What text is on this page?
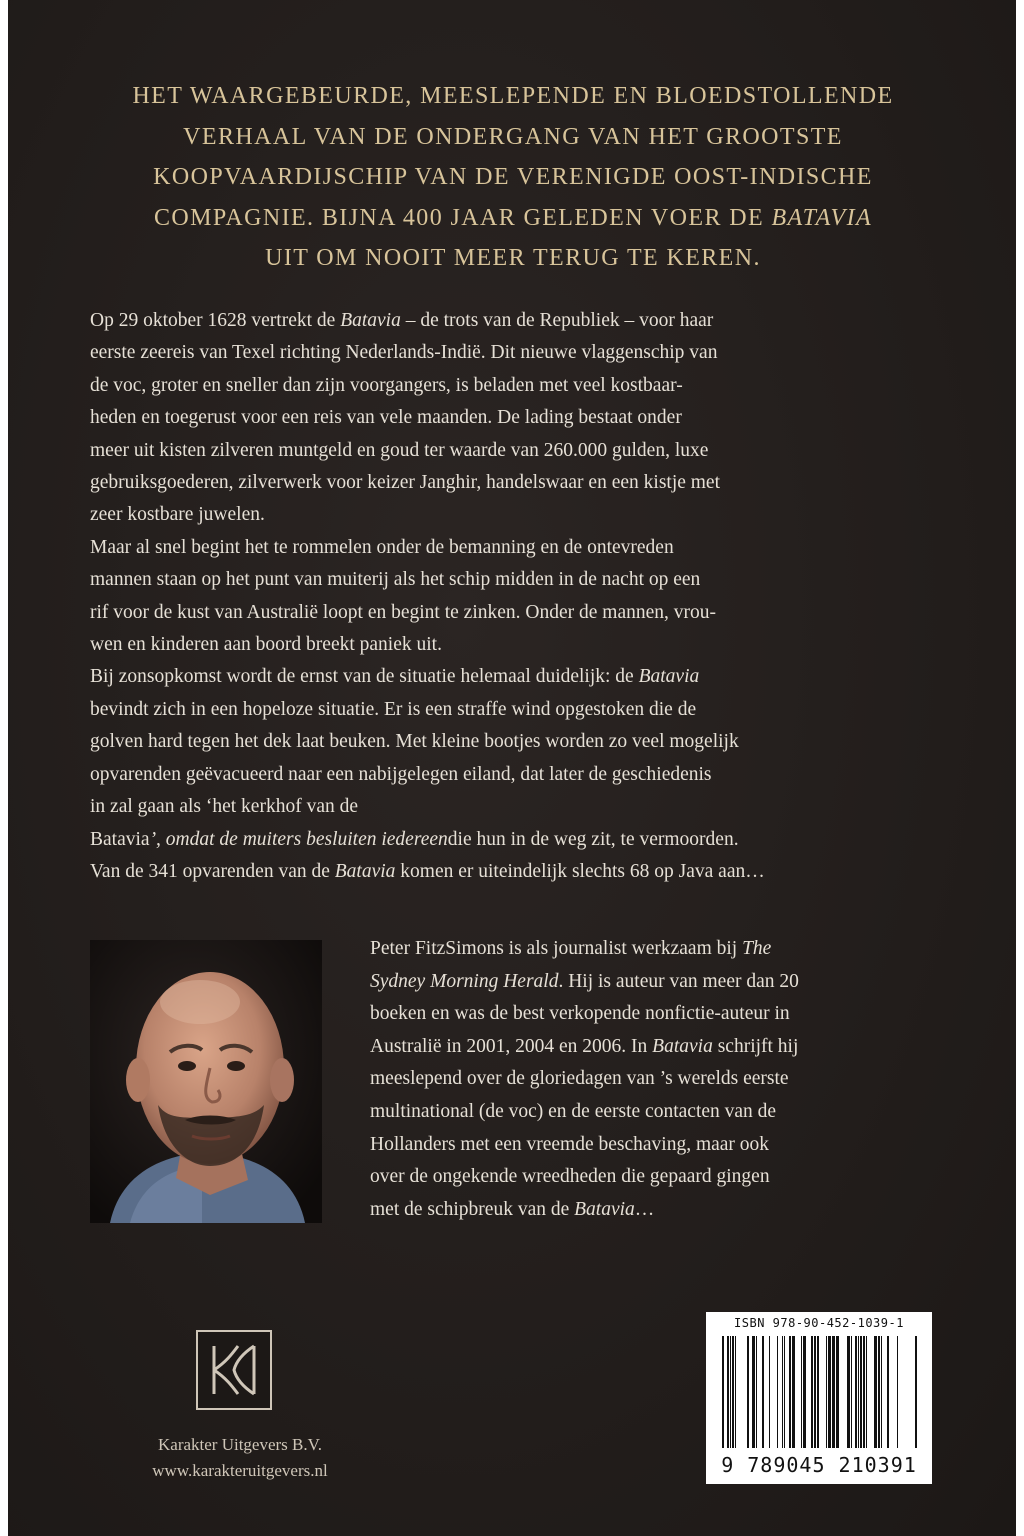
HET WAARGEBEURDE, MEESLEPENDE EN BLOEDSTOLLENDE
VERHAAL VAN DE ONDERGANG VAN HET GROOTSTE
KOOPVAARDIJSCHIP VAN DE VERENIGDE OOST-INDISCHE
COMPAGNIE. BIJNA 400 JAAR GELEDEN VOER DE BATAVIA
UIT OM NOOIT MEER TERUG TE KEREN.
Op 29 oktober 1628 vertrekt de Batavia – de trots van de Republiek – voor haar
eerste zeereis van Texel richting Nederlands-Indië. Dit nieuwe vlaggenschip van
de voc, groter en sneller dan zijn voorgangers, is beladen met veel kostbaar-
heden en toegerust voor een reis van vele maanden. De lading bestaat onder
meer uit kisten zilveren muntgeld en goud ter waarde van 260.000 gulden, luxe
gebruiksgoederen, zilverwerk voor keizer Janghir, handelswaar en een kistje met
zeer kostbare juwelen.
Maar al snel begint het te rommelen onder de bemanning en de ontevreden
mannen staan op het punt van muiterij als het schip midden in de nacht op een
rif voor de kust van Australië loopt en begint te zinken. Onder de mannen, vrou-
wen en kinderen aan boord breekt paniek uit.
Bij zonsopkomst wordt de ernst van de situatie helemaal duidelijk: de Batavia
bevindt zich in een hopeloze situatie. Er is een straffe wind opgestoken die de
golven hard tegen het dek laat beuken. Met kleine bootjes worden zo veel mogelijk
opvarenden geëvacueerd naar een nabijgelegen eiland, dat later de geschiedenis
in zal gaan als ‘het kerkhof van de
Batavia’, omdat de muiters besluiten iedereendie hun in de weg zit, te vermoorden.
Van de 341 opvarenden van de Batavia komen er uiteindelijk slechts 68 op Java aan…
Peter FitzSimons is als journalist werkzaam bij The
Sydney Morning Herald. Hij is auteur van meer dan 20
boeken en was de best verkopende nonfictie-auteur in
Australië in 2001, 2004 en 2006. In Batavia schrijft hij
meeslepend over de gloriedagen van ’s werelds eerste
multinational (de voc) en de eerste contacten van de
Hollanders met een vreemde beschaving, maar ook
over de ongekende wreedheden die gepaard gingen
met de schipbreuk van de Batavia…
Karakter Uitgevers B.V.
www.karakteruitgevers.nl
ISBN 978-90-452-1039-1
9 789045 210391
